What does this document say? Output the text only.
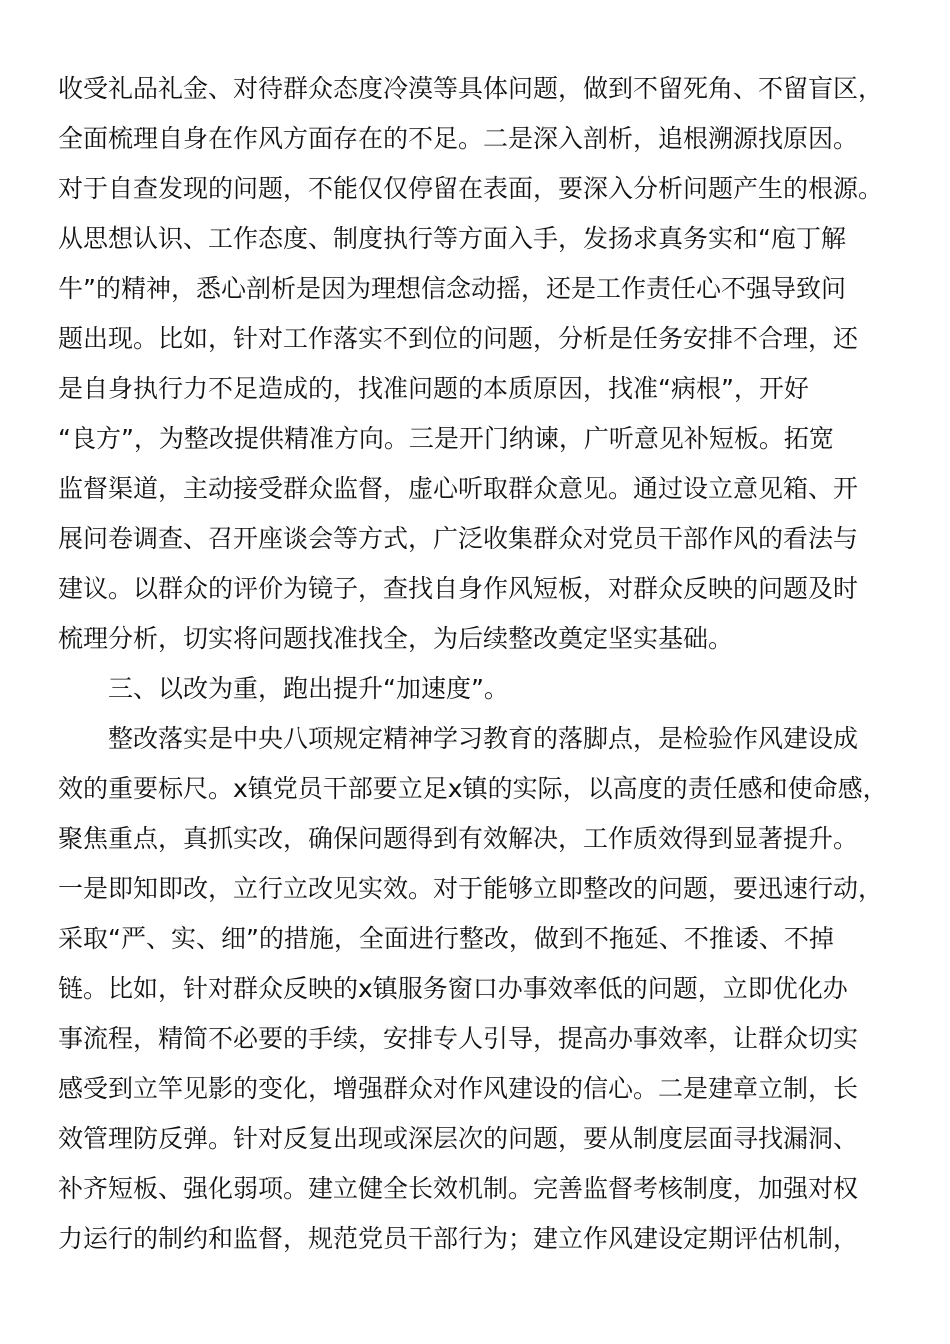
收受礼品礼金、对待群众态度冷漠等具体问题，做到不留死角、不留盲区，
全面梳理自身在作风方面存在的不足。二是深入剖析，追根溯源找原因。
对于自查发现的问题，不能仅仅停留在表面，要深入分析问题产生的根源。
从思想认识、工作态度、制度执行等方面入手，发扬求真务实和“庖丁解
牛”的精神，悉心剖析是因为理想信念动摇，还是工作责任心不强导致问
题出现。比如，针对工作落实不到位的问题，分析是任务安排不合理，还
是自身执行力不足造成的，找准问题的本质原因，找准“病根”，开好
“良方”，为整改提供精准方向。三是开门纳谏，广听意见补短板。拓宽
监督渠道，主动接受群众监督，虚心听取群众意见。通过设立意见箱、开
展问卷调查、召开座谈会等方式，广泛收集群众对党员干部作风的看法与
建议。以群众的评价为镜子，查找自身作风短板，对群众反映的问题及时
梳理分析，切实将问题找准找全，为后续整改奠定坚实基础。
　　三、以改为重，跑出提升“加速度”。
　　整改落实是中央八项规定精神学习教育的落脚点，是检验作风建设成
效的重要标尺。x镇党员干部要立足x镇的实际，以高度的责任感和使命感，
聚焦重点，真抓实改，确保问题得到有效解决，工作质效得到显著提升。
一是即知即改，立行立改见实效。对于能够立即整改的问题，要迅速行动，
采取“严、实、细”的措施，全面进行整改，做到不拖延、不推诿、不掉
链。比如，针对群众反映的x镇服务窗口办事效率低的问题，立即优化办
事流程，精简不必要的手续，安排专人引导，提高办事效率，让群众切实
感受到立竿见影的变化，增强群众对作风建设的信心。二是建章立制，长
效管理防反弹。针对反复出现或深层次的问题，要从制度层面寻找漏洞、
补齐短板、强化弱项。建立健全长效机制。完善监督考核制度，加强对权
力运行的制约和监督，规范党员干部行为；建立作风建设定期评估机制，
